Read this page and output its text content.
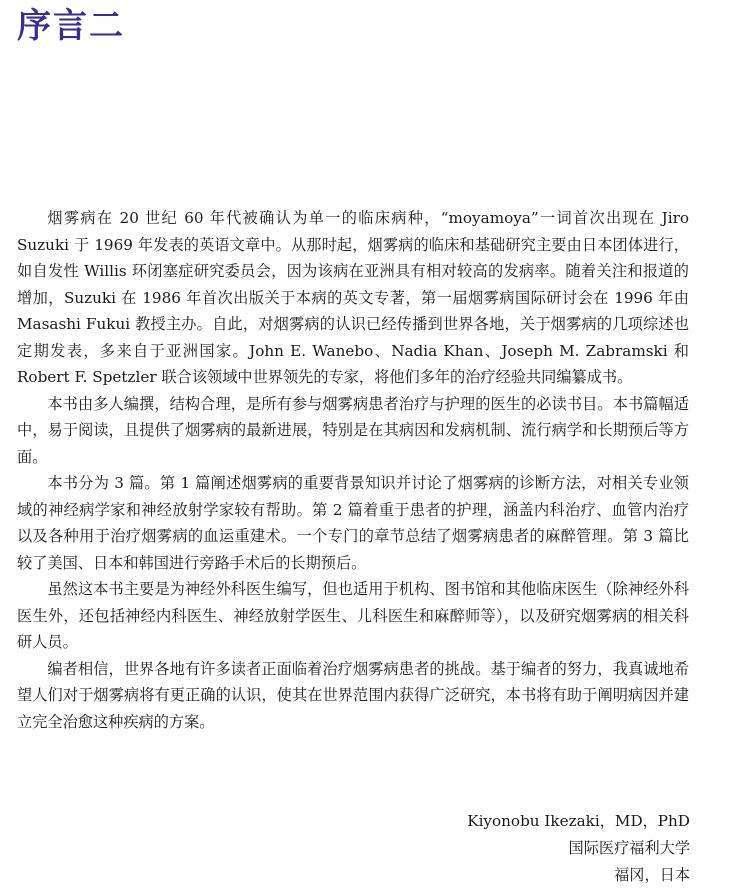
序言二

烟雾病在 20 世纪 60 年代被确认为单一的临床病种，“moyamoya”一词首次出现在 Jiro Suzuki 于 1969 年发表的英语文章中。从那时起，烟雾病的临床和基础研究主要由日本团体进行，如自发性 Willis 环闭塞症研究委员会，因为该病在亚洲具有相对较高的发病率。随着关注和报道的增加，Suzuki 在 1986 年首次出版关于本病的英文专著，第一届烟雾病国际研讨会在 1996 年由 Masashi Fukui 教授主办。自此，对烟雾病的认识已经传播到世界各地，关于烟雾病的几项综述也定期发表，多来自于亚洲国家。John E. Wanebo、Nadia Khan、Joseph M. Zabramski 和 Robert F. Spetzler 联合该领域中世界领先的专家，将他们多年的治疗经验共同编纂成书。

本书由多人编撰，结构合理，是所有参与烟雾病患者治疗与护理的医生的必读书目。本书篇幅适中，易于阅读，且提供了烟雾病的最新进展，特别是在其病因和发病机制、流行病学和长期预后等方面。

本书分为 3 篇。第 1 篇阐述烟雾病的重要背景知识并讨论了烟雾病的诊断方法，对相关专业领域的神经病学家和神经放射学家较有帮助。第 2 篇着重于患者的护理，涵盖内科治疗、血管内治疗以及各种用于治疗烟雾病的血运重建术。一个专门的章节总结了烟雾病患者的麻醉管理。第 3 篇比较了美国、日本和韩国进行旁路手术后的长期预后。

虽然这本书主要是为神经外科医生编写，但也适用于机构、图书馆和其他临床医生（除神经外科医生外，还包括神经内科医生、神经放射学医生、儿科医生和麻醉师等），以及研究烟雾病的相关科研人员。

编者相信，世界各地有许多读者正面临着治疗烟雾病患者的挑战。基于编者的努力，我真诚地希望人们对于烟雾病将有更正确的认识，使其在世界范围内获得广泛研究，本书将有助于阐明病因并建立完全治愈这种疾病的方案。

Kiyonobu Ikezaki，MD，PhD
国际医疗福利大学
福冈，日本
